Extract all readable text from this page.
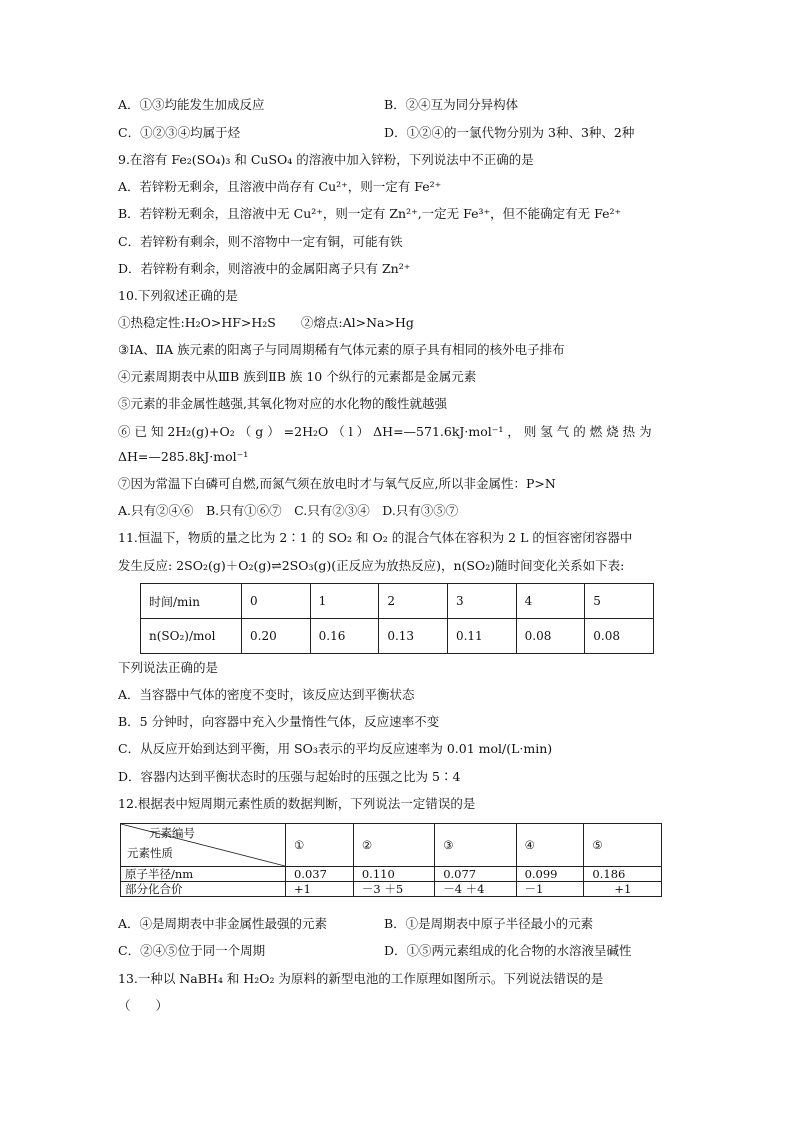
A．①③均能发生加成反应	B．②④互为同分异构体
C．①②③④均属于烃	D．①②④的一氯代物分别为 3种、3种、2种
9.在溶有 Fe₂(SO₄)₃ 和 CuSO₄ 的溶液中加入锌粉，下列说法中不正确的是
A．若锌粉无剩余，且溶液中尚存有 Cu²⁺，则一定有 Fe²⁺
B．若锌粉无剩余，且溶液中无 Cu²⁺，则一定有 Zn²⁺,一定无 Fe³⁺，但不能确定有无 Fe²⁺
C．若锌粉有剩余，则不溶物中一定有铜，可能有铁
D．若锌粉有剩余，则溶液中的金属阳离子只有 Zn²⁺
10.下列叙述正确的是
①热稳定性:H₂O>HF>H₂S　　②熔点:Al>Na>Hg
③ⅠA、ⅡA 族元素的阳离子与同周期稀有气体元素的原子具有相同的核外电子排布
④元素周期表中从ⅢB 族到ⅡB 族 10 个纵行的元素都是金属元素
⑤元素的非金属性越强,其氧化物对应的水化物的酸性就越强
⑥ 已 知 2H₂(g)+O₂ （ g ） =2H₂O （ l ） ΔH=—571.6kJ·mol⁻¹ ， 则 氢 气 的 燃 烧 热 为
ΔH=—285.8kJ·mol⁻¹
⑦因为常温下白磷可自燃,而氮气须在放电时才与氧气反应,所以非金属性：P>N
A.只有②④⑥　B.只有①⑥⑦　C.只有②③④　D.只有③⑤⑦
11.恒温下，物质的量之比为 2∶1 的 SO₂ 和 O₂ 的混合气体在容积为 2 L 的恒容密闭容器中
发生反应: 2SO₂(g)＋O₂(g)⇌2SO₃(g)(正反应为放热反应)，n(SO₂)随时间变化关系如下表:
时间/min	0	1	2	3	4	5
n(SO₂)/mol	0.20	0.16	0.13	0.11	0.08	0.08
下列说法正确的是
A．当容器中气体的密度不变时，该反应达到平衡状态
B．5 分钟时，向容器中充入少量惰性气体，反应速率不变
C．从反应开始到达到平衡，用 SO₃表示的平均反应速率为 0.01 mol/(L·min)
D．容器内达到平衡状态时的压强与起始时的压强之比为 5∶4
12.根据表中短周期元素性质的数据判断，下列说法一定错误的是
元素编号
元素性质	①	②	③	④	⑤
原子半径/nm	0.037	0.110	0.077	0.099	0.186
部分化合价	+1	－3 ＋5	－4 ＋4	－1	+1
A．④是周期表中非金属性最强的元素	B．①是周期表中原子半径最小的元素
C．②④⑤位于同一个周期	D．①⑤两元素组成的化合物的水溶液呈碱性
13.一种以 NaBH₄ 和 H₂O₂ 为原料的新型电池的工作原理如图所示。下列说法错误的是
（　　）
